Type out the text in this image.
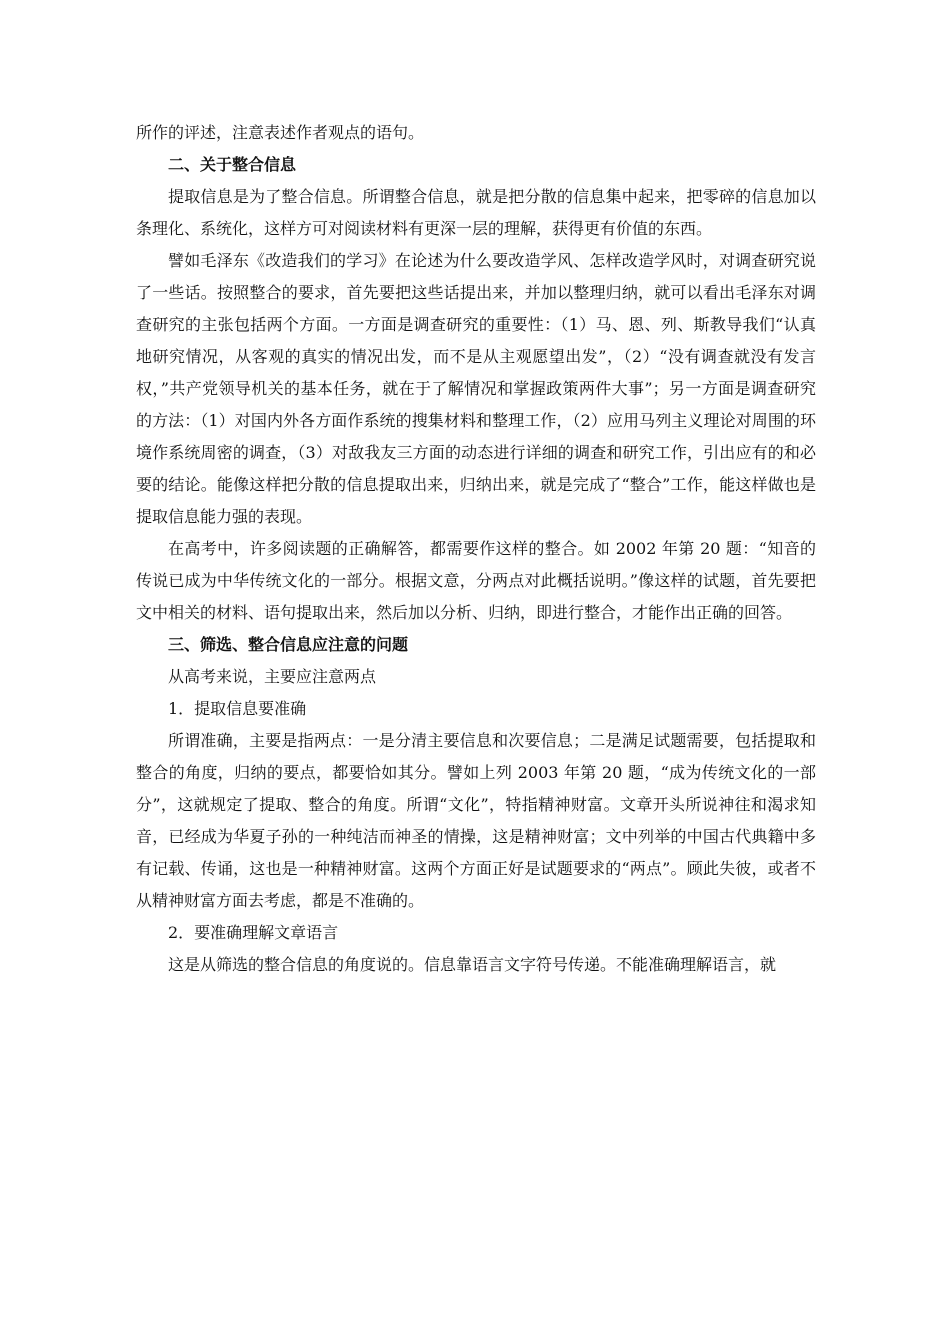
所作的评述，注意表述作者观点的语句。

二、关于整合信息

提取信息是为了整合信息。所谓整合信息，就是把分散的信息集中起来，把零碎的信息加以条理化、系统化，这样方可对阅读材料有更深一层的理解，获得更有价值的东西。

譬如毛泽东《改造我们的学习》在论述为什么要改造学风、怎样改造学风时，对调查研究说了一些话。按照整合的要求，首先要把这些话提出来，并加以整理归纳，就可以看出毛泽东对调查研究的主张包括两个方面。一方面是调查研究的重要性：（1）马、恩、列、斯教导我们“认真地研究情况，从客观的真实的情况出发，而不是从主观愿望出发”，（2）“没有调查就没有发言权，”共产党领导机关的基本任务，就在于了解情况和掌握政策两件大事”；另一方面是调查研究的方法：（1）对国内外各方面作系统的搜集材料和整理工作，（2）应用马列主义理论对周围的环境作系统周密的调查，（3）对敌我友三方面的动态进行详细的调查和研究工作，引出应有的和必要的结论。能像这样把分散的信息提取出来，归纳出来，就是完成了“整合”工作，能这样做也是提取信息能力强的表现。

在高考中，许多阅读题的正确解答，都需要作这样的整合。如 2002 年第 20 题：“知音的传说已成为中华传统文化的一部分。根据文意，分两点对此概括说明。”像这样的试题，首先要把文中相关的材料、语句提取出来，然后加以分析、归纳，即进行整合，才能作出正确的回答。

三、筛选、整合信息应注意的问题

从高考来说，主要应注意两点

1．提取信息要准确

所谓准确，主要是指两点：一是分清主要信息和次要信息；二是满足试题需要，包括提取和整合的角度，归纳的要点，都要恰如其分。譬如上列 2003 年第 20 题，“成为传统文化的一部分”，这就规定了提取、整合的角度。所谓“文化”，特指精神财富。文章开头所说神往和渴求知音，已经成为华夏子孙的一种纯洁而神圣的情操，这是精神财富；文中列举的中国古代典籍中多有记载、传诵，这也是一种精神财富。这两个方面正好是试题要求的“两点”。顾此失彼，或者不从精神财富方面去考虑，都是不准确的。

2．要准确理解文章语言

这是从筛选的整合信息的角度说的。信息靠语言文字符号传递。不能准确理解语言，就
